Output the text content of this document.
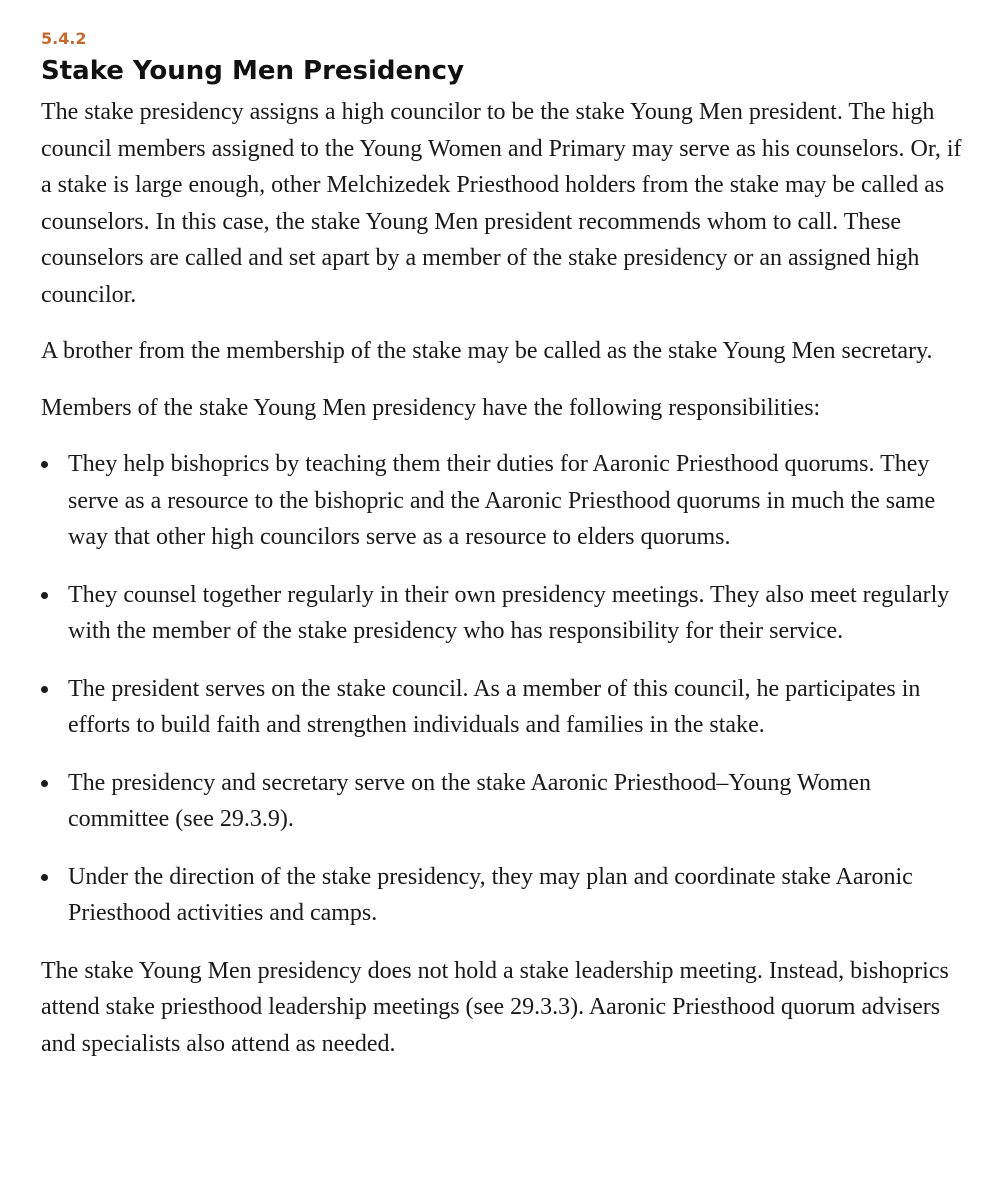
5.4.2
Stake Young Men Presidency

The stake presidency assigns a high councilor to be the stake Young Men president. The high council members assigned to the Young Women and Primary may serve as his counselors. Or, if a stake is large enough, other Melchizedek Priesthood holders from the stake may be called as counselors. In this case, the stake Young Men president recommends whom to call. These counselors are called and set apart by a member of the stake presidency or an assigned high councilor.

A brother from the membership of the stake may be called as the stake Young Men secretary.

Members of the stake Young Men presidency have the following responsibilities:

They help bishoprics by teaching them their duties for Aaronic Priesthood quorums. They serve as a resource to the bishopric and the Aaronic Priesthood quorums in much the same way that other high councilors serve as a resource to elders quorums.
They counsel together regularly in their own presidency meetings. They also meet regularly with the member of the stake presidency who has responsibility for their service.
The president serves on the stake council. As a member of this council, he participates in efforts to build faith and strengthen individuals and families in the stake.
The presidency and secretary serve on the stake Aaronic Priesthood–Young Women committee (see 29.3.9).
Under the direction of the stake presidency, they may plan and coordinate stake Aaronic Priesthood activities and camps.

The stake Young Men presidency does not hold a stake leadership meeting. Instead, bishoprics attend stake priesthood leadership meetings (see 29.3.3). Aaronic Priesthood quorum advisers and specialists also attend as needed.
